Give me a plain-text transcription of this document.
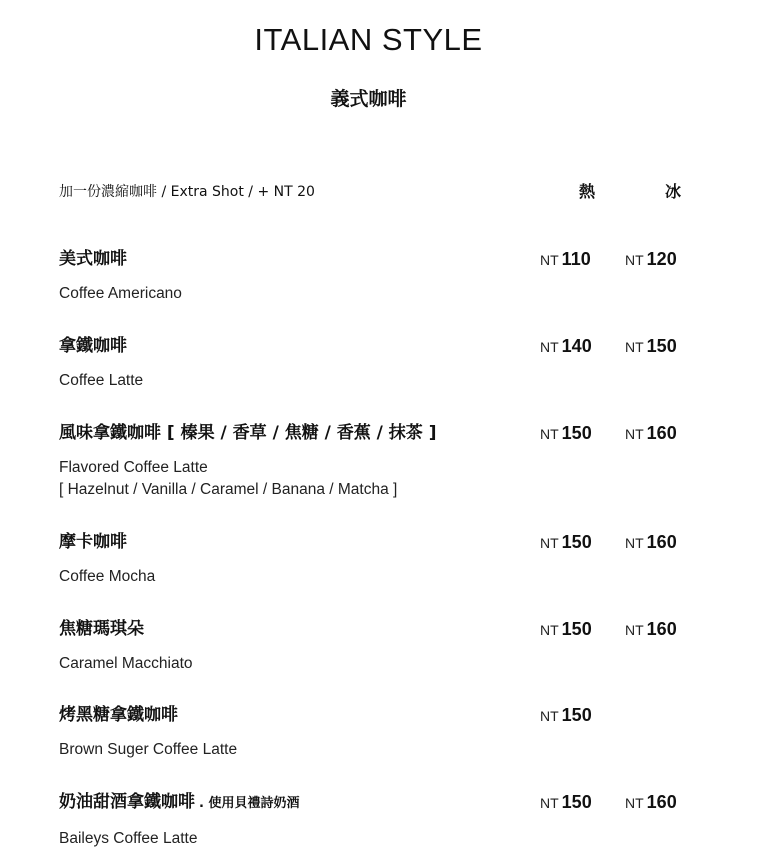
ITALIAN STYLE
義式咖啡
加一份濃縮咖啡 / Extra Shot / + NT 20	熱	冰
美式咖啡
Coffee Americano
NT 110 NT 120
拿鐵咖啡
Coffee Latte
NT 140 NT 150
風味拿鐵咖啡 [ 榛果 / 香草 / 焦糖 / 香蕉 / 抹茶 ]
Flavored Coffee Latte
[ Hazelnut / Vanilla / Caramel / Banana / Matcha ]
NT 150 NT 160
摩卡咖啡
Coffee Mocha
NT 150 NT 160
焦糖瑪琪朵
Caramel Macchiato
NT 150 NT 160
烤黑糖拿鐵咖啡
Brown Suger Coffee Latte
NT 150
奶油甜酒拿鐵咖啡 . 使用貝禮詩奶酒
Baileys Coffee Latte
NT 150 NT 160
